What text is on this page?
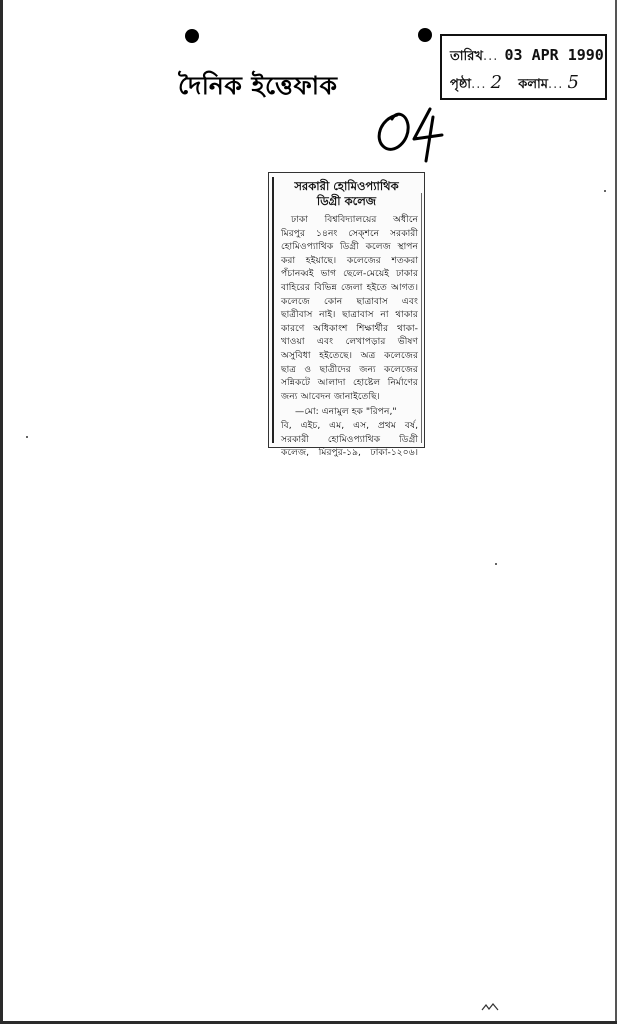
দৈনিক ইত্তেফাক
তারিখ... 03 APR 1990
পৃষ্ঠা... 2 কলাম... 5
সরকারী হোমিওপ্যাথিক
ডিগ্রী কলেজ
ঢাকা বিশ্ববিদ্যালয়ের অধীনে মিরপুর ১৪নং সেক্শনে সরকারী হোমিওপ্যাথিক ডিগ্রী কলেজ স্থাপন করা হইয়াছে। কলেজের শতকরা পঁচানব্বই ভাগ ছেলে-মেয়েই ঢাকার বাহিরের বিভিন্ন জেলা হইতে আগত। কলেজে কোন ছাত্রাবাস এবং ছাত্রীবাস নাই। ছাত্রাবাস না থাকার কারণে অধিকাংশ শিক্ষার্থীর থাকা-খাওয়া এবং লেখাপড়ার ভীষণ অসুবিধা হইতেছে। অত্র কলেজের ছাত্র ও ছাত্রীদের জন্য কলেজের সন্নিকটে আলাদা হোষ্টেল নির্মাণের জন্য আবেদন জানাইতেছি।
—মো: এনামুল হক "রিপন,"
বি, এইচ, এম, এস, প্রথম বর্ষ,
সরকারী হোমিওপ্যাথিক ডিগ্রী
কলেজ, মিরপুর-১৯, ঢাকা-১২০৬।
